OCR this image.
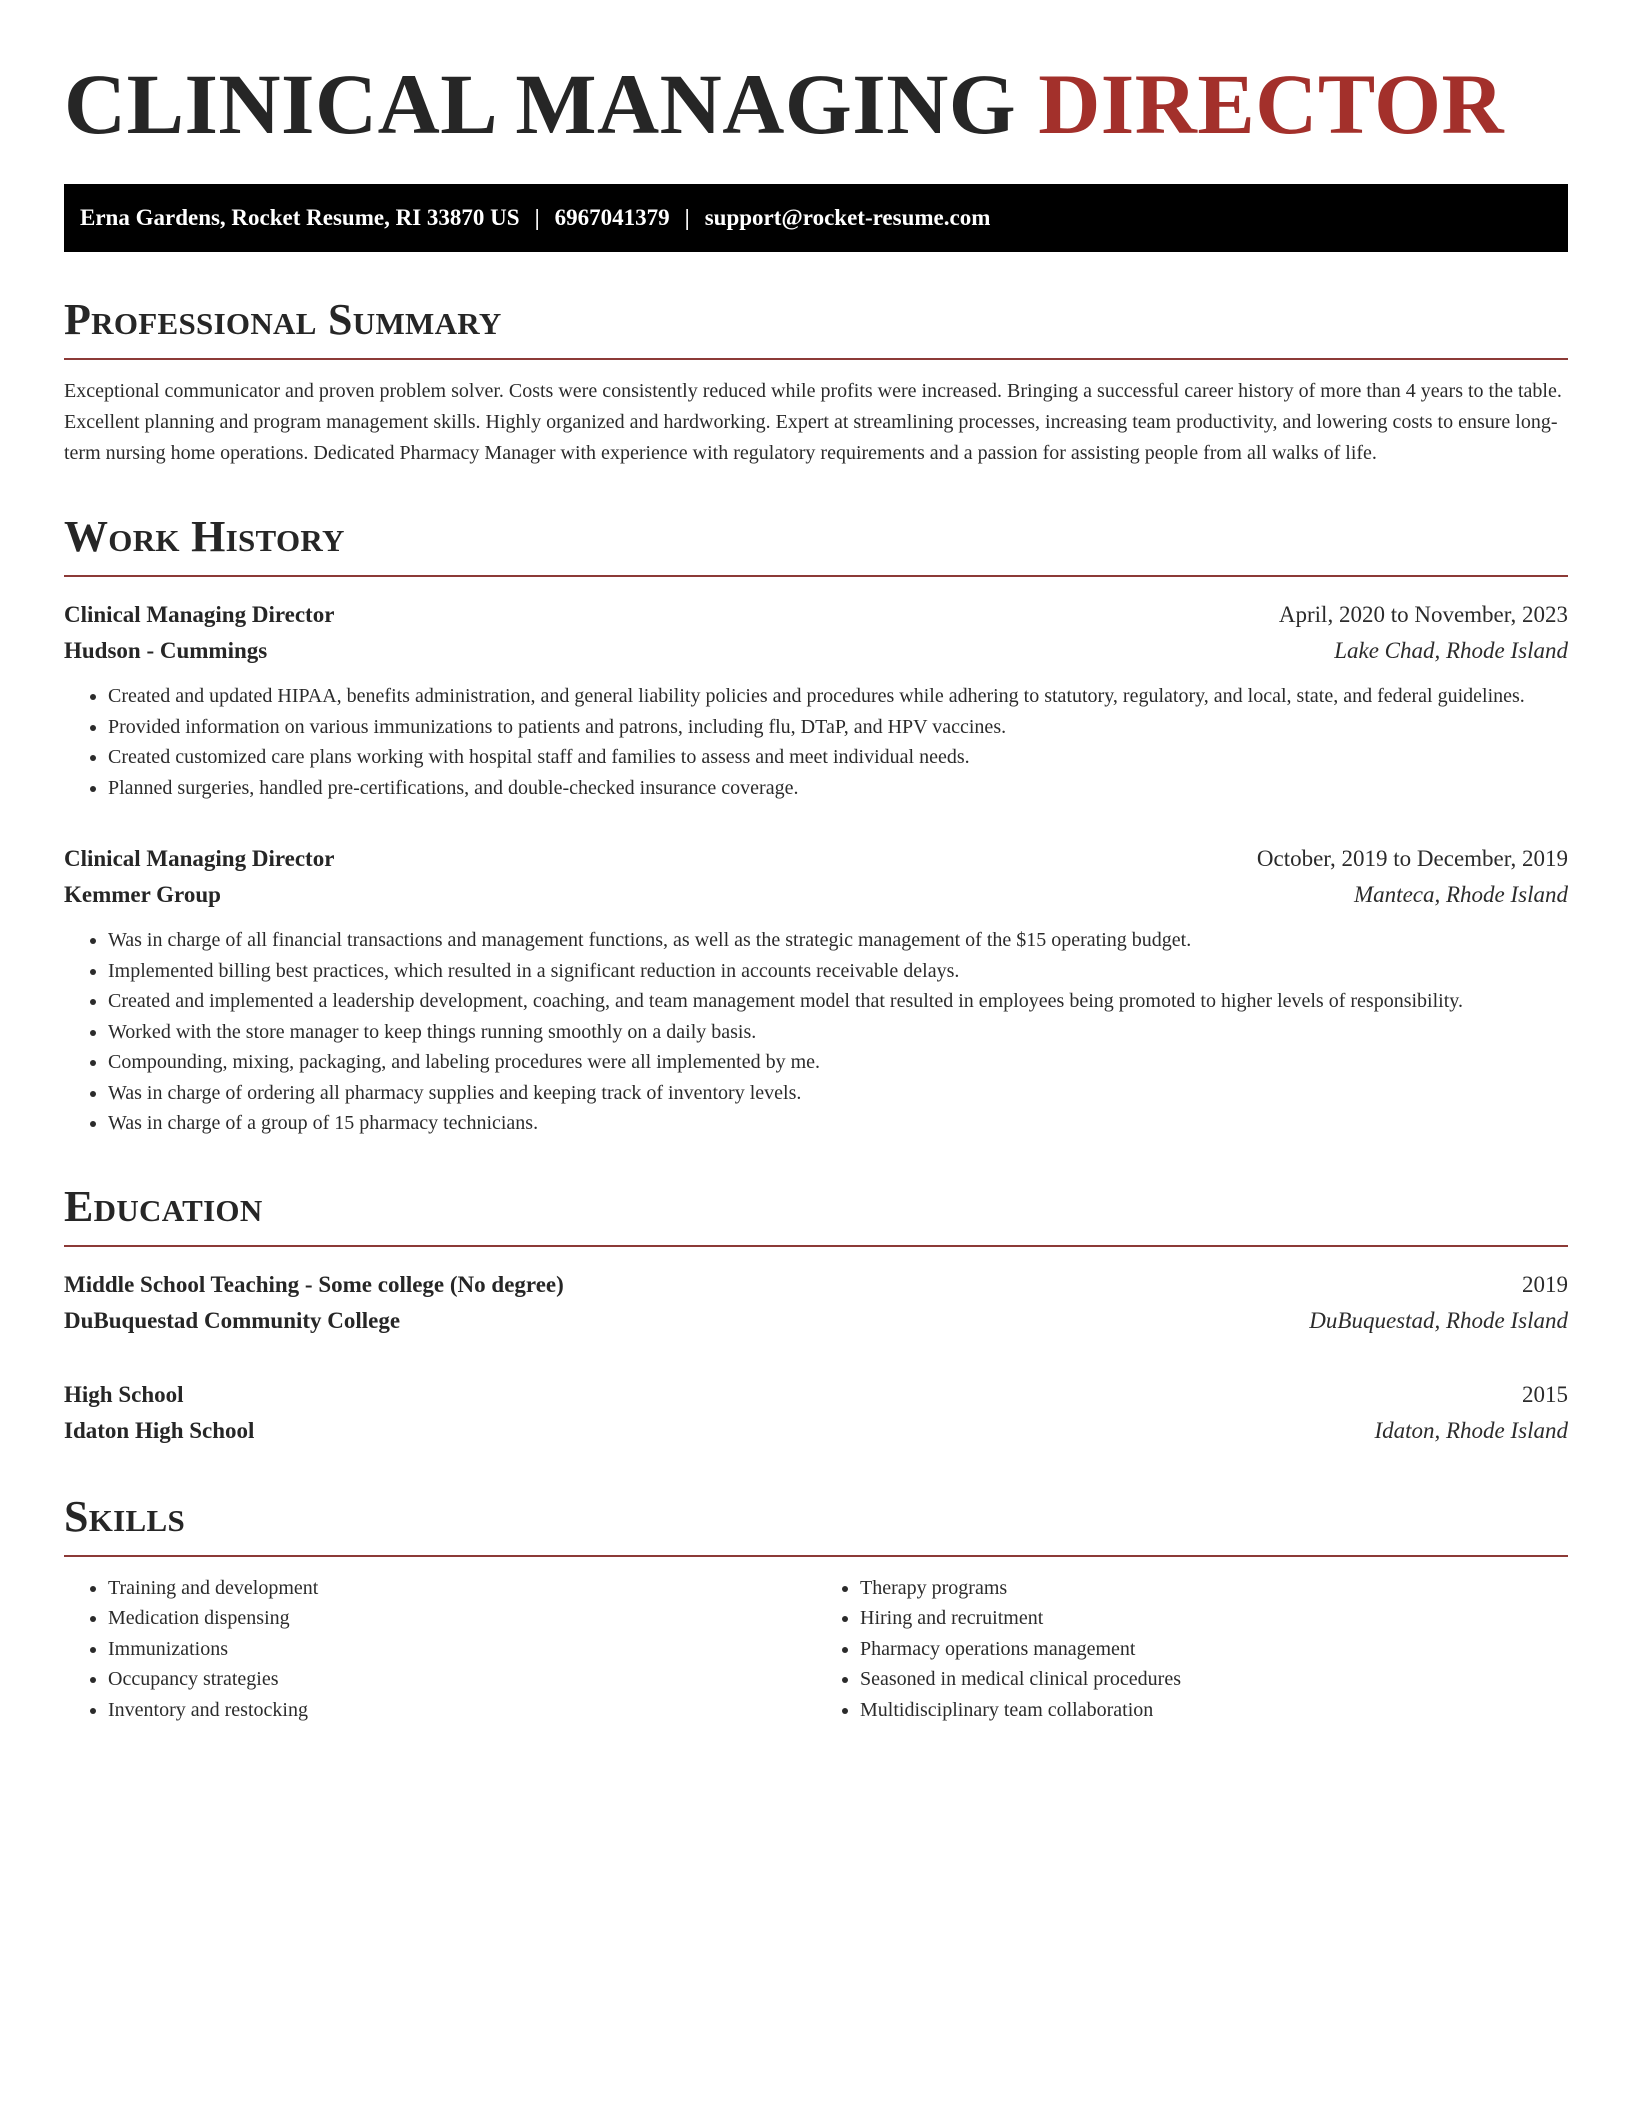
CLINICAL MANAGING DIRECTOR
Erna Gardens, Rocket Resume, RI 33870 US | 6967041379 | support@rocket-resume.com
Professional Summary

Exceptional communicator and proven problem solver. Costs were consistently reduced while profits were increased. Bringing a successful career history of more than 4 years to the table. Excellent planning and program management skills. Highly organized and hardworking. Expert at streamlining processes, increasing team productivity, and lowering costs to ensure long-term nursing home operations. Dedicated Pharmacy Manager with experience with regulatory requirements and a passion for assisting people from all walks of life.

Work History
Clinical Managing Director	April, 2020 to November, 2023
Hudson - Cummings	Lake Chad, Rhode Island
• Created and updated HIPAA, benefits administration, and general liability policies and procedures while adhering to statutory, regulatory, and local, state, and federal guidelines.
• Provided information on various immunizations to patients and patrons, including flu, DTaP, and HPV vaccines.
• Created customized care plans working with hospital staff and families to assess and meet individual needs.
• Planned surgeries, handled pre-certifications, and double-checked insurance coverage.
Clinical Managing Director	October, 2019 to December, 2019
Kemmer Group	Manteca, Rhode Island
• Was in charge of all financial transactions and management functions, as well as the strategic management of the $15 operating budget.
• Implemented billing best practices, which resulted in a significant reduction in accounts receivable delays.
• Created and implemented a leadership development, coaching, and team management model that resulted in employees being promoted to higher levels of responsibility.
• Worked with the store manager to keep things running smoothly on a daily basis.
• Compounding, mixing, packaging, and labeling procedures were all implemented by me.
• Was in charge of ordering all pharmacy supplies and keeping track of inventory levels.
• Was in charge of a group of 15 pharmacy technicians.
Education
Middle School Teaching - Some college (No degree)	2019
DuBuquestad Community College	DuBuquestad, Rhode Island
High School	2015
Idaton High School	Idaton, Rhode Island
Skills
• Training and development
• Medication dispensing
• Immunizations
• Occupancy strategies
• Inventory and restocking
• Therapy programs
• Hiring and recruitment
• Pharmacy operations management
• Seasoned in medical clinical procedures
• Multidisciplinary team collaboration
